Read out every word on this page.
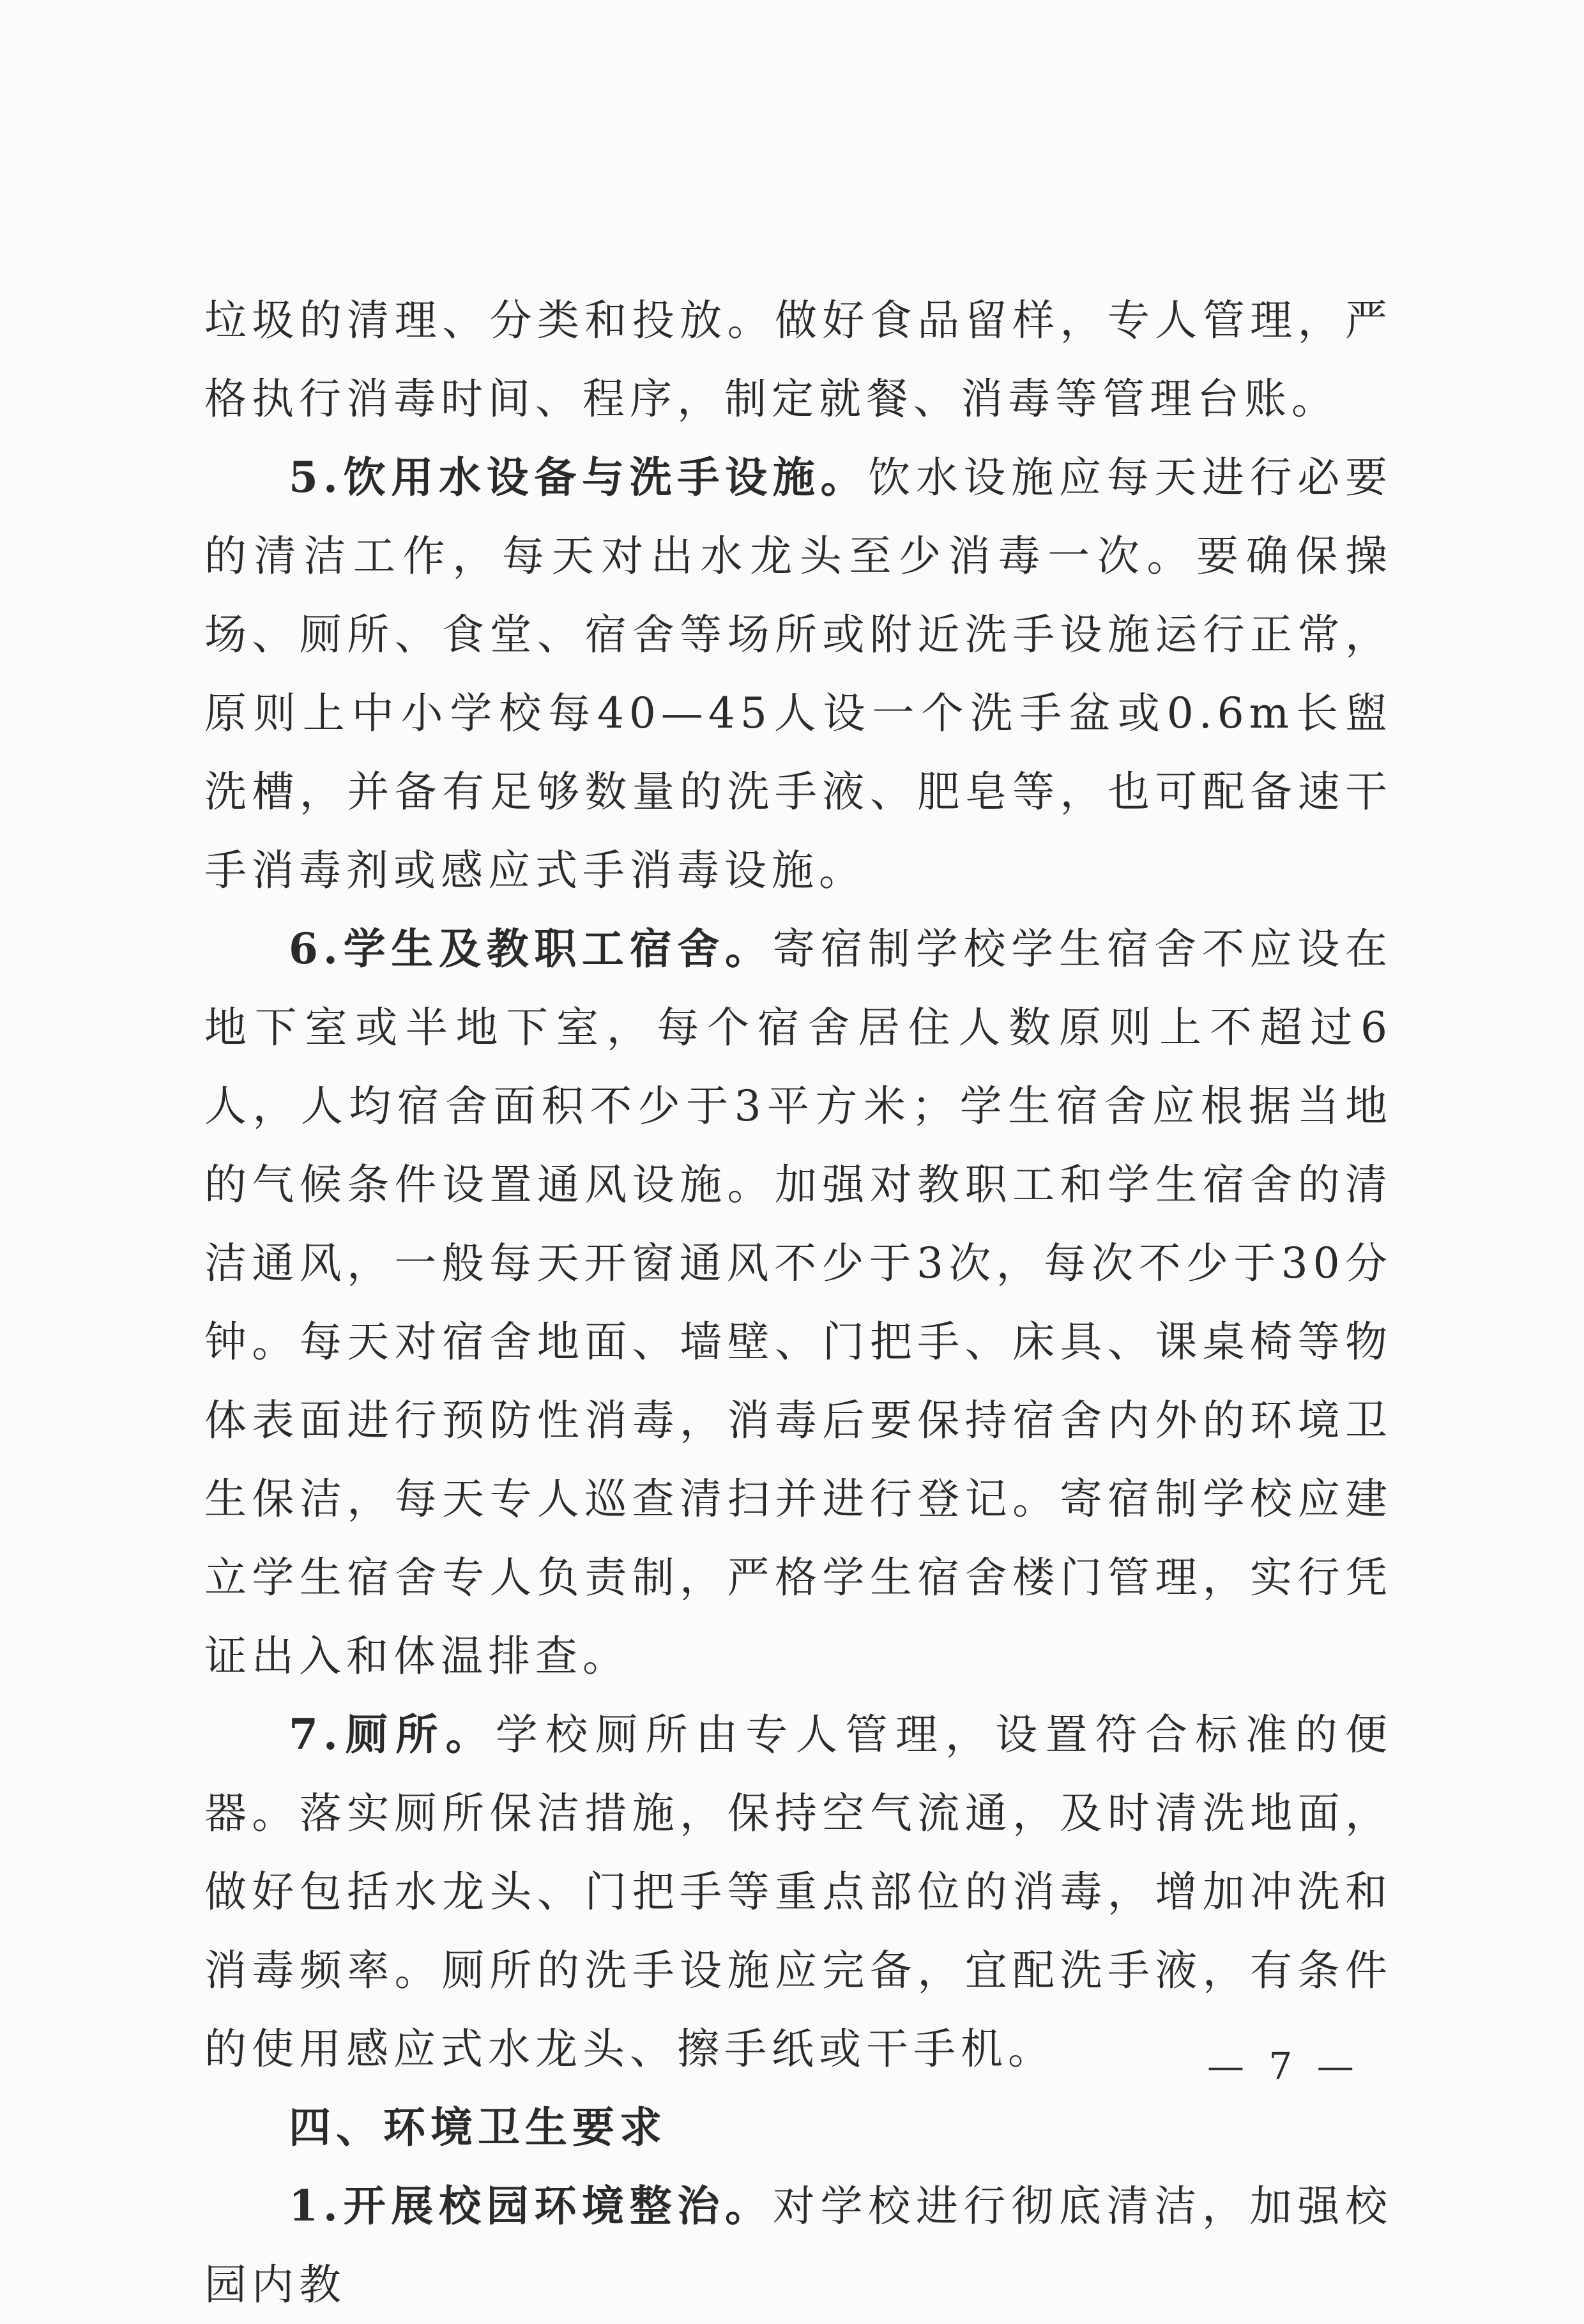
垃圾的清理、分类和投放。做好食品留样，专人管理，严格执行消毒时间、程序，制定就餐、消毒等管理台账。

5.饮用水设备与洗手设施。饮水设施应每天进行必要的清洁工作，每天对出水龙头至少消毒一次。要确保操场、厕所、食堂、宿舍等场所或附近洗手设施运行正常，原则上中小学校每40—45人设一个洗手盆或0.6m长盥洗槽，并备有足够数量的洗手液、肥皂等，也可配备速干手消毒剂或感应式手消毒设施。

6.学生及教职工宿舍。寄宿制学校学生宿舍不应设在地下室或半地下室，每个宿舍居住人数原则上不超过6人，人均宿舍面积不少于3平方米；学生宿舍应根据当地的气候条件设置通风设施。加强对教职工和学生宿舍的清洁通风，一般每天开窗通风不少于3次，每次不少于30分钟。每天对宿舍地面、墙壁、门把手、床具、课桌椅等物体表面进行预防性消毒，消毒后要保持宿舍内外的环境卫生保洁，每天专人巡查清扫并进行登记。寄宿制学校应建立学生宿舍专人负责制，严格学生宿舍楼门管理，实行凭证出入和体温排查。

7.厕所。学校厕所由专人管理，设置符合标准的便器。落实厕所保洁措施，保持空气流通，及时清洗地面，做好包括水龙头、门把手等重点部位的消毒，增加冲洗和消毒频率。厕所的洗手设施应完备，宜配洗手液，有条件的使用感应式水龙头、擦手纸或干手机。

四、环境卫生要求

1.开展校园环境整治。对学校进行彻底清洁，加强校园内教

— 7 —
